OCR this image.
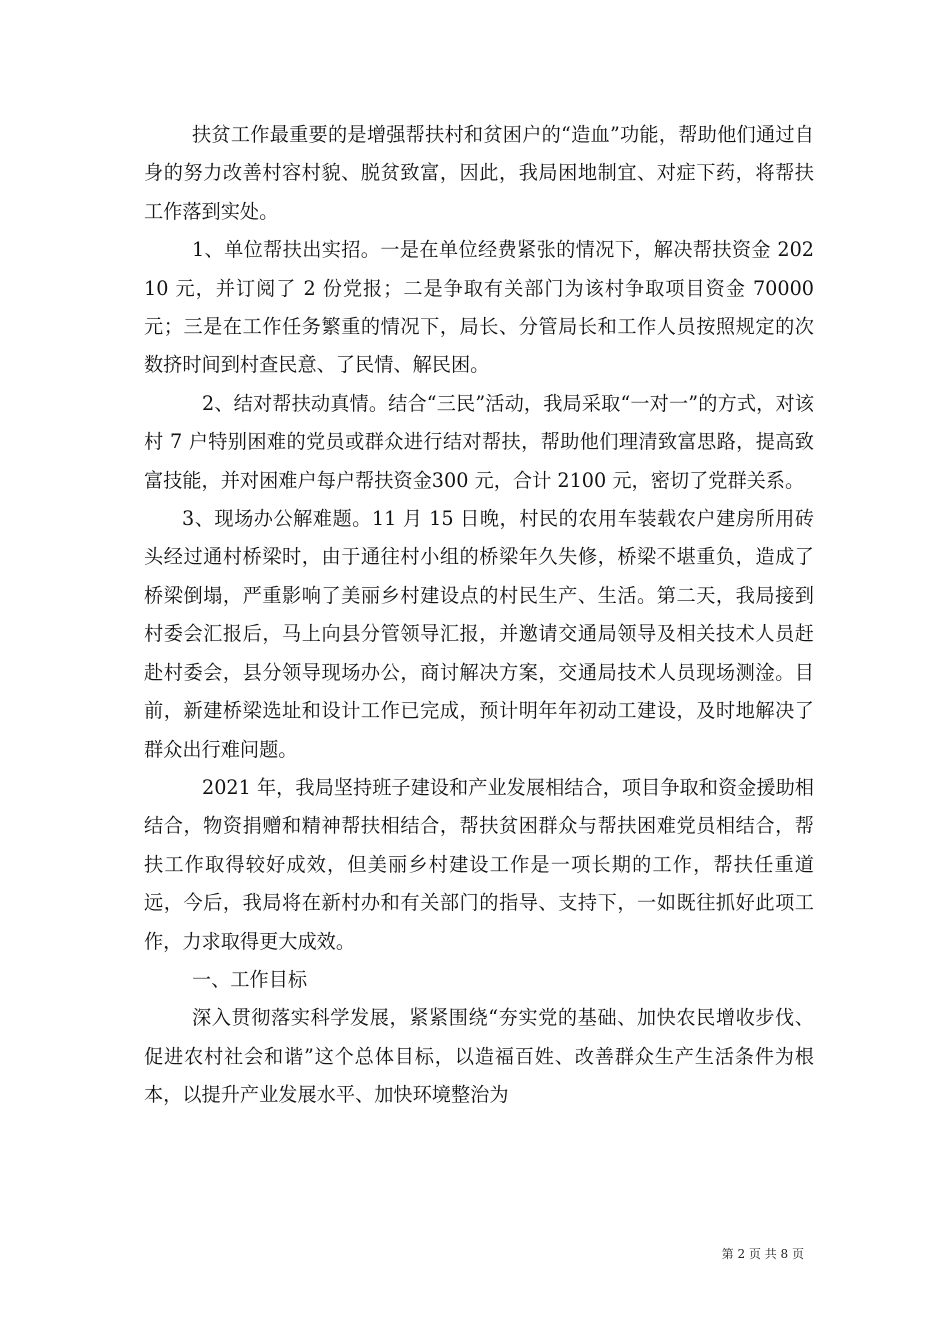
扶贫工作最重要的是增强帮扶村和贫困户的“造血”功能，帮助他们通过自身的努力改善村容村貌、脱贫致富，因此，我局困地制宜、对症下药，将帮扶工作落到实处。

1、单位帮扶出实招。一是在单位经费紧张的情况下，解决帮扶资金 20210 元，并订阅了 2 份党报；二是争取有关部门为该村争取项目资金 70000 元；三是在工作任务繁重的情况下，局长、分管局长和工作人员按照规定的次数挤时间到村查民意、了民情、解民困。

2、结对帮扶动真情。结合“三民”活动，我局采取“一对一”的方式，对该村 7 户特别困难的党员或群众进行结对帮扶，帮助他们理清致富思路，提高致富技能，并对困难户每户帮扶资金300 元，合计 2100 元，密切了党群关系。

3、现场办公解难题。11 月 15 日晚，村民的农用车装载农户建房所用砖头经过通村桥梁时，由于通往村小组的桥梁年久失修，桥梁不堪重负，造成了桥梁倒塌，严重影响了美丽乡村建设点的村民生产、生活。第二天，我局接到村委会汇报后，马上向县分管领导汇报，并邀请交通局领导及相关技术人员赶赴村委会，县分领导现场办公，商讨解决方案，交通局技术人员现场测淦。目前，新建桥梁选址和设计工作已完成，预计明年年初动工建设，及时地解决了群众出行难问题。

2021 年，我局坚持班子建设和产业发展相结合，项目争取和资金援助相结合，物资捐赠和精神帮扶相结合，帮扶贫困群众与帮扶困难党员相结合，帮扶工作取得较好成效，但美丽乡村建设工作是一项长期的工作，帮扶任重道远，今后，我局将在新村办和有关部门的指导、支持下，一如既往抓好此项工作，力求取得更大成效。

一、工作目标

深入贯彻落实科学发展，紧紧围绕“夯实党的基础、加快农民增收步伐、促进农村社会和谐”这个总体目标，以造福百姓、改善群众生产生活条件为根本，以提升产业发展水平、加快环境整治为

第 2 页 共 8 页
